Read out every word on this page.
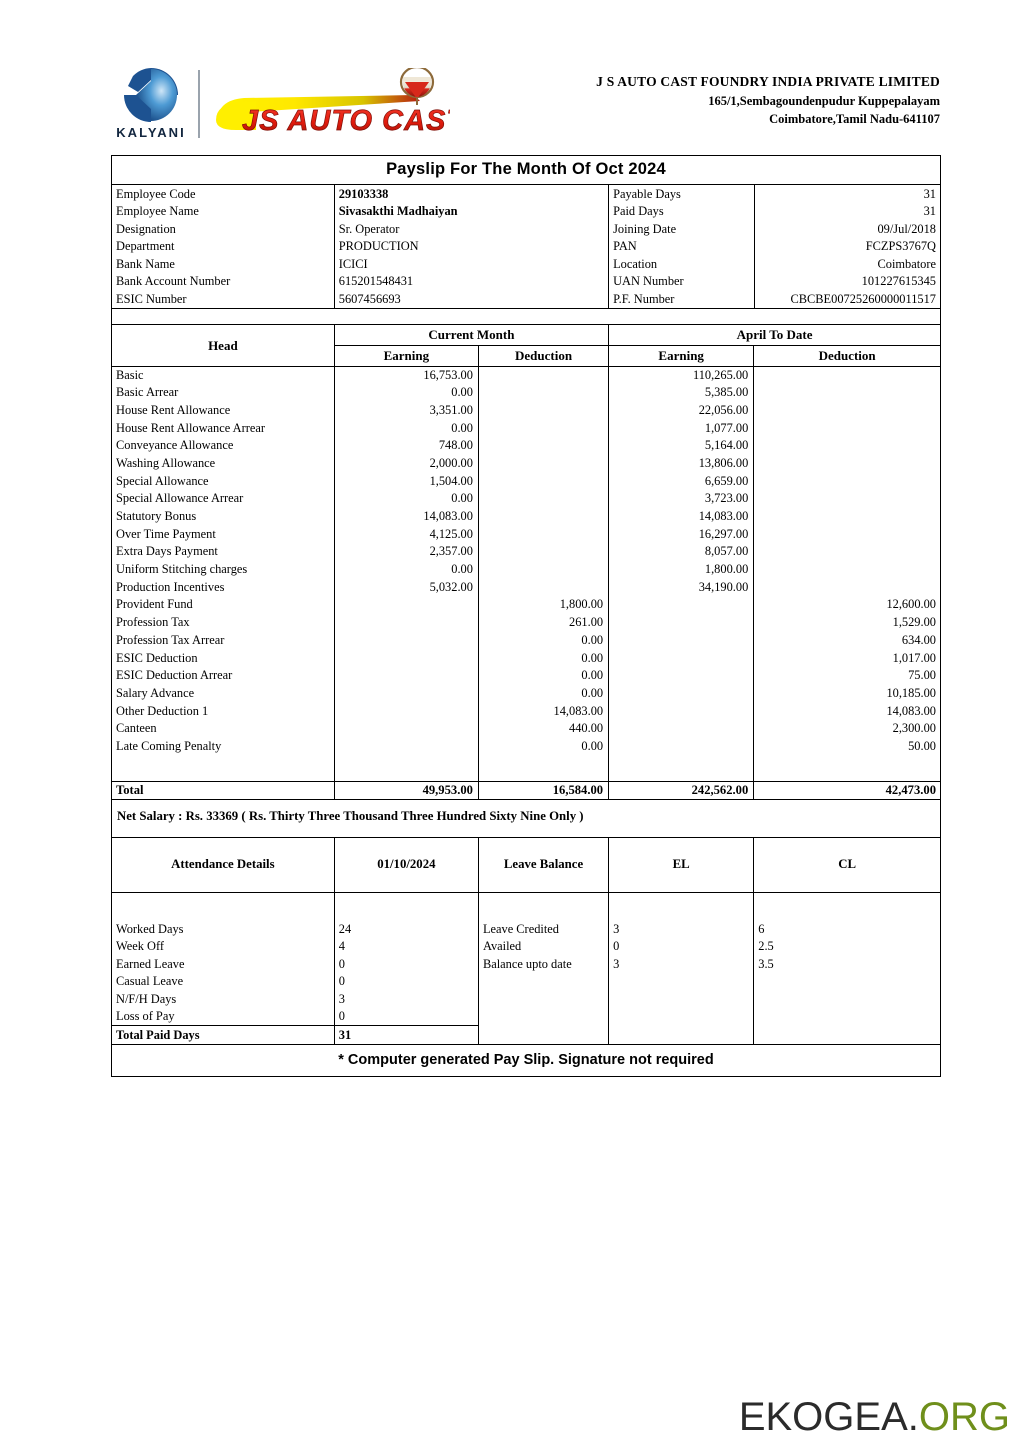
KALYANI JS AUTO CAST
J S AUTO CAST FOUNDRY INDIA PRIVATE LIMITED
165/1,Sembagoundenpudur Kuppepalayam
Coimbatore,Tamil Nadu-641107
Payslip For The Month Of Oct 2024
Employee Code	29103338	Payable Days	31
Employee Name	Sivasakthi Madhaiyan	Paid Days	31
Designation	Sr. Operator	Joining Date	09/Jul/2018
Department	PRODUCTION	PAN	FCZPS3767Q
Bank Name	ICICI	Location	Coimbatore
Bank Account Number	615201548431	UAN Number	101227615345
ESIC Number	5607456693	P.F. Number	CBCBE00725260000011517
Head	Current Month		April To Date	
	Earning	Deduction	Earning	Deduction
Basic	16,753.00		110,265.00	
Basic Arrear	0.00		5,385.00	
House Rent Allowance	3,351.00		22,056.00	
House Rent Allowance Arrear	0.00		1,077.00	
Conveyance Allowance	748.00		5,164.00	
Washing Allowance	2,000.00		13,806.00	
Special Allowance	1,504.00		6,659.00	
Special Allowance Arrear	0.00		3,723.00	
Statutory Bonus	14,083.00		14,083.00	
Over Time Payment	4,125.00		16,297.00	
Extra Days Payment	2,357.00		8,057.00	
Uniform Stitching charges	0.00		1,800.00	
Production Incentives	5,032.00		34,190.00	
Provident Fund		1,800.00		12,600.00
Profession Tax		261.00		1,529.00
Profession Tax Arrear		0.00		634.00
ESIC Deduction		0.00		1,017.00
ESIC Deduction Arrear		0.00		75.00
Salary Advance		0.00		10,185.00
Other Deduction 1		14,083.00		14,083.00
Canteen		440.00		2,300.00
Late Coming Penalty		0.00		50.00

Total	49,953.00	16,584.00	242,562.00	42,473.00
Net Salary : Rs. 33369 ( Rs. Thirty Three Thousand Three Hundred Sixty Nine Only )
Attendance Details	01/10/2024	Leave Balance	EL	CL

Worked Days	24	Leave Credited	3	6
Week Off	4	Availed	0	2.5
Earned Leave	0	Balance upto date	3	3.5
Casual Leave	0			
N/F/H Days	3			
Loss of Pay	0			
Total Paid Days	31			
* Computer generated Pay Slip. Signature not required
EKOGEA.ORG
